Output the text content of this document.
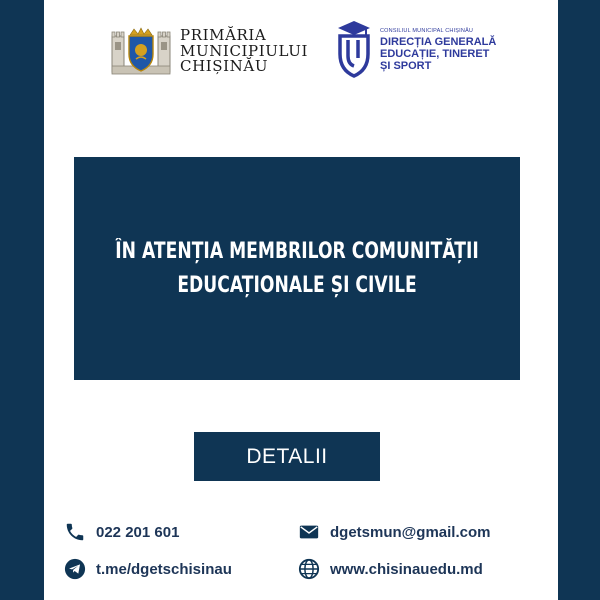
PRIMĂRIA
MUNICIPIULUI
CHIȘINĂU
CONSILIUL MUNICIPAL CHIȘINĂU
DIRECȚIA GENERALĂ
EDUCAȚIE, TINERET
ȘI SPORT
ÎN ATENȚIA MEMBRILOR COMUNITĂȚII
EDUCAȚIONALE ȘI CIVILE
DETALII
022 201 601	dgetsmun@gmail.com
t.me/dgetschisinau	www.chisinauedu.md
